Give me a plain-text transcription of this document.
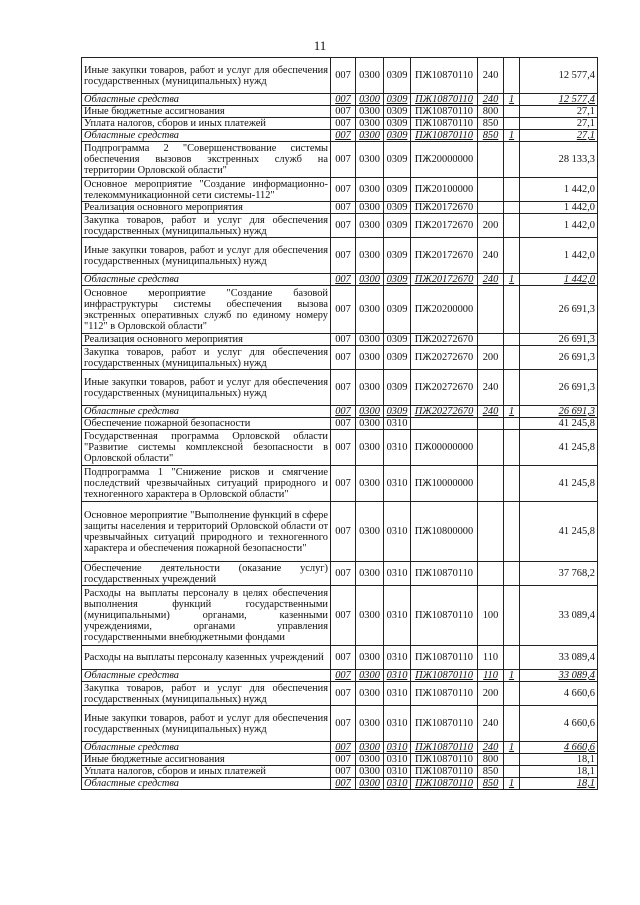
11
Иные закупки товаров, работ и услуг для обеспечения государственных (муниципальных) нужд	007	0300	0309	ПЖ10870110	240		12 577,4
Областные средства	007	0300	0309	ПЖ10870110	240	1	12 577,4
Иные бюджетные ассигнования	007	0300	0309	ПЖ10870110	800		27,1
Уплата налогов, сборов и иных платежей	007	0300	0309	ПЖ10870110	850		27,1
Областные средства	007	0300	0309	ПЖ10870110	850	1	27,1
Подпрограмма 2 "Совершенствование системы обеспечения вызовов экстренных служб на территории Орловской области"	007	0300	0309	ПЖ20000000			28 133,3
Основное мероприятие "Создание информационно-телекоммуникационной сети системы-112"	007	0300	0309	ПЖ20100000			1 442,0
Реализация основного мероприятия	007	0300	0309	ПЖ20172670			1 442,0
Закупка товаров, работ и услуг для обеспечения государственных (муниципальных) нужд	007	0300	0309	ПЖ20172670	200		1 442,0
Иные закупки товаров, работ и услуг для обеспечения государственных (муниципальных) нужд	007	0300	0309	ПЖ20172670	240		1 442,0
Областные средства	007	0300	0309	ПЖ20172670	240	1	1 442,0
Основное мероприятие "Создание базовой инфраструктуры системы обеспечения вызова экстренных оперативных служб по единому номеру "112" в Орловской области"	007	0300	0309	ПЖ20200000			26 691,3
Реализация основного мероприятия	007	0300	0309	ПЖ20272670			26 691,3
Закупка товаров, работ и услуг для обеспечения государственных (муниципальных) нужд	007	0300	0309	ПЖ20272670	200		26 691,3
Иные закупки товаров, работ и услуг для обеспечения государственных (муниципальных) нужд	007	0300	0309	ПЖ20272670	240		26 691,3
Областные средства	007	0300	0309	ПЖ20272670	240	1	26 691,3
Обеспечение пожарной безопасности	007	0300	0310				41 245,8
Государственная программа Орловской области "Развитие системы комплексной безопасности в Орловской области"	007	0300	0310	ПЖ00000000			41 245,8
Подпрограмма 1 "Снижение рисков и смягчение последствий чрезвычайных ситуаций природного и техногенного характера в Орловской области"	007	0300	0310	ПЖ10000000			41 245,8
Основное мероприятие "Выполнение функций в сфере защиты населения и территорий Орловской области от чрезвычайных ситуаций природного и техногенного характера и обеспечения пожарной безопасности"	007	0300	0310	ПЖ10800000			41 245,8
Обеспечение деятельности (оказание услуг) государственных учреждений	007	0300	0310	ПЖ10870110			37 768,2
Расходы на выплаты персоналу в целях обеспечения выполнения функций государственными (муниципальными) органами, казенными учреждениями, органами управления государственными внебюджетными фондами	007	0300	0310	ПЖ10870110	100		33 089,4
Расходы на выплаты персоналу казенных учреждений	007	0300	0310	ПЖ10870110	110		33 089,4
Областные средства	007	0300	0310	ПЖ10870110	110	1	33 089,4
Закупка товаров, работ и услуг для обеспечения государственных (муниципальных) нужд	007	0300	0310	ПЖ10870110	200		4 660,6
Иные закупки товаров, работ и услуг для обеспечения государственных (муниципальных) нужд	007	0300	0310	ПЖ10870110	240		4 660,6
Областные средства	007	0300	0310	ПЖ10870110	240	1	4 660,6
Иные бюджетные ассигнования	007	0300	0310	ПЖ10870110	800		18,1
Уплата налогов, сборов и иных платежей	007	0300	0310	ПЖ10870110	850		18,1
Областные средства	007	0300	0310	ПЖ10870110	850	1	18,1
